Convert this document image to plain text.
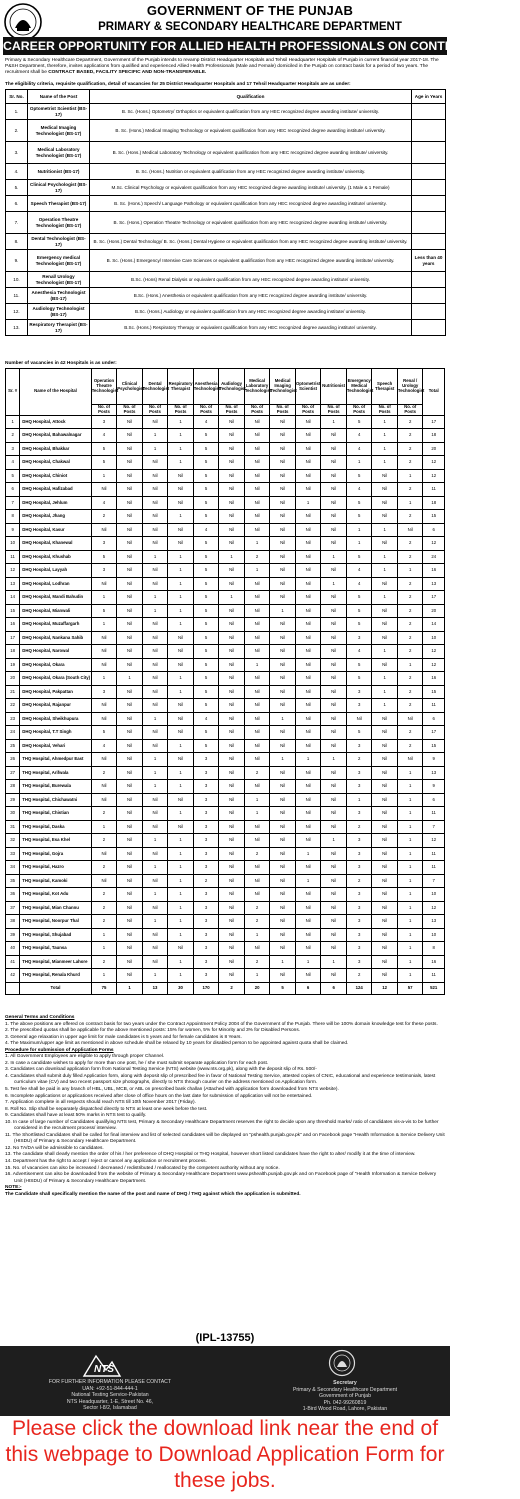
GOVERNMENT OF THE PUNJAB
PRIMARY & SECONDARY HEALTHCARE DEPARTMENT
CAREER OPPORTUNITY FOR ALLIED HEALTH PROFESSIONALS ON CONTRACT BASIS
Primary & Secondary Healthcare Department, Government of the Punjab intends to revamp District Headquarter Hospitals and Tehsil Headquarter Hospitals of Punjab in current financial year 2017-18. The P&SH Department, therefore, invites applications from qualified and experienced Allied Health Professionals (Male and Female) domiciled in the Punjab on contract basis for a period of two years. The recruitment shall be CONTRACT BASED, FACILITY SPECIFIC AND NON-TRANSFERABLE.
The eligibility criteria, requisite qualification, detail of vacancies for 25 District Headquarter Hospitals and 17 Tehsil Headquarter Hospitals are as under:
Sr. No.	Name of the Post	Qualification	Age in Years
1.	Optometrist Scientist (BS-17)	B. Sc. (Hons.) Optometry/ Orthoptics or equivalent qualification from any HEC recognized degree awarding institute/ university.	
2.	Medical Imaging Technologist (BS-17)	B. Sc. (Hons.) Medical Imaging Technology or equivalent qualification from any HEC recognized degree awarding institute/ university.	
3.	Medical Laboratory Technologist (BS-17)	B. Sc. (Hons.) Medical Laboratory Technology or equivalent qualification from any HEC recognized degree awarding institute/ university.	
4.	Nutritionist (BS-17)	B. Sc. (Hons.) Nutrition or equivalent qualification from any HEC recognized degree awarding institute/ university.	
5.	Clinical Psychologist (BS-17)	M.Sc. Clinical Psychology or equivalent qualification from any HEC recognized degree awarding institute/ university. (1 Male & 1 Female)	
6.	Speech Therapist (BS-17)	B. Sc. (Hons.) Speech/ Language Pathology or equivalent qualification from any HEC recognized degree awarding institute/ university.	
7.	Operation Theatre Technologist (BS-17)	B. Sc. (Hons.) Operation Theatre Technology or equivalent qualification from any HEC recognized degree awarding institute/ university.	
8.	Dental Technologist (BS-17)	B. Sc. (Hons.) Dental Technology/ B. Sc. (Hons.) Dental Hygiene or equivalent qualification from any HEC recognized degree awarding institute/ university.	
9.	Emergency medical Technologist (BS-17)	B. Sc. (Hons.) Emergency/ Intensive Care Sciences or equivalent qualification from any HEC recognized degree awarding institute/ university.	Less than 40 years
10.	Renal/ Urology Technologist (BS-17)	B.Sc. (Hons) Renal Dialysis or equivalent qualification from any HEC recognized degree awarding institute/ university.	
11.	Anesthesia Technologist (BS-17)	B.Sc. (Hons.) Anesthesia or equivalent qualification from any HEC recognized degree awarding institute/ university.	
12.	Audiology Technologist (BS-17)	B.Sc. (Hons.) Audiology or equivalent qualification from any HEC recognized degree awarding institute/ university.	
13.	Respiratory Therapist (BS-17)	B.Sc. (Hons.) Respiratory Therapy or equivalent qualification from any HEC recognized degree awarding institute/ university.	
Number of vacancies in 42 Hospitals is as under:
Sr. #	Name of the Hospital	Operation Theatre Technologist	Clinical Psychologist	Dental Technologist	Respiratory Therapist	Anesthesia Technologist	Audiology Technologist	Medical Laboratory Technologist	Medical Imaging Technologist	Optometrist Scientist	Nutritionist	Emergency Medical Technologist	Speech Therapist	Renal / Urology Technologist	Total
		No. of Posts	No. of Posts	No. of Posts	No. of Posts	No. of Posts	No. of Posts	No. of Posts	No. of Posts	No. of Posts	No. of Posts	No. of Posts	No. of Posts	No. of Posts	
1	DHQ Hospital, Attock	3	Nil	Nil	1	4	Nil	Nil	Nil	Nil	1	5	1	2	17
2	DHQ Hospital, Bahawalnagar	4	Nil	1	1	5	Nil	Nil	Nil	Nil	Nil	4	1	2	18
3	DHQ Hospital, Bhakkar	5	Nil	1	1	5	Nil	Nil	Nil	Nil	Nil	4	1	2	20
4	DHQ Hospital, Chakwal	5	Nil	Nil	1	5	Nil	Nil	Nil	Nil	Nil	1	1	2	12
5	DHQ Hospital, Chiniot	1	Nil	Nil	Nil	5	Nil	Nil	Nil	Nil	Nil	5	Nil	1	12
6	DHQ Hospital, Hafizabad	Nil	Nil	Nil	Nil	5	Nil	Nil	Nil	Nil	Nil	4	Nil	2	11
7	DHQ Hospital, Jehlum	4	Nil	Nil	Nil	5	Nil	Nil	Nil	1	Nil	5	Nil	1	18
8	DHQ Hospital, Jhang	2	Nil	Nil	1	5	Nil	Nil	Nil	Nil	Nil	5	Nil	2	15
9	DHQ Hospital, Kasur	Nil	Nil	Nil	Nil	4	Nil	Nil	Nil	Nil	Nil	1	1	Nil	6
10	DHQ Hospital, Khanewal	3	Nil	Nil	Nil	5	Nil	1	Nil	Nil	Nil	1	Nil	2	12
11	DHQ Hospital, Khushab	5	Nil	1	1	5	1	2	Nil	Nil	1	5	1	2	24
12	DHQ Hospital, Layyah	3	Nil	Nil	1	5	Nil	1	Nil	Nil	Nil	4	1	1	16
13	DHQ Hospital, Lodhran	Nil	Nil	Nil	1	5	Nil	Nil	Nil	Nil	1	4	Nil	2	13
14	DHQ Hospital, Mandi Bahudin	1	Nil	1	1	5	1	Nil	Nil	Nil	Nil	5	1	2	17
15	DHQ Hospital, Mianwali	5	Nil	1	1	5	Nil	Nil	1	Nil	Nil	5	Nil	2	20
16	DHQ Hospital, Muzaffargarh	1	Nil	Nil	1	5	Nil	Nil	Nil	Nil	Nil	5	Nil	2	14
17	DHQ Hospital, Nankana Sahib	Nil	Nil	Nil	Nil	5	Nil	Nil	Nil	Nil	Nil	3	Nil	2	10
18	DHQ Hospital, Narowal	Nil	Nil	Nil	Nil	5	Nil	Nil	Nil	Nil	Nil	4	1	2	12
19	DHQ Hospital, Okara	Nil	Nil	Nil	Nil	5	Nil	1	Nil	Nil	Nil	5	Nil	1	12
20	DHQ Hospital, Okara (South City)	1	1	Nil	1	5	Nil	Nil	Nil	Nil	Nil	5	1	2	16
21	DHQ Hospital, Pakpattan	3	Nil	Nil	1	5	Nil	Nil	Nil	Nil	Nil	3	1	2	15
22	DHQ Hospital, Rajanpur	Nil	Nil	Nil	Nil	5	Nil	Nil	Nil	Nil	Nil	3	1	2	11
23	DHQ Hospital, Sheikhupura	Nil	Nil	1	Nil	4	Nil	Nil	1	Nil	Nil	Nil	Nil	Nil	6
24	DHQ Hospital, T.T Singh	5	Nil	Nil	Nil	5	Nil	Nil	Nil	Nil	Nil	5	Nil	2	17
25	DHQ Hospital, Vehari	4	Nil	Nil	1	5	Nil	Nil	Nil	Nil	Nil	3	Nil	2	15
26	THQ Hospital, Ahmedpur East	Nil	Nil	1	Nil	3	Nil	Nil	1	1	1	2	Nil	Nil	9
27	THQ Hospital, Arifwala	2	Nil	1	1	3	Nil	2	Nil	Nil	Nil	3	Nil	1	13
28	THQ Hospital, Burewala	Nil	Nil	1	1	3	Nil	Nil	Nil	Nil	Nil	3	Nil	1	9
29	THQ Hospital, Chichawatni	Nil	Nil	Nil	Nil	3	Nil	1	Nil	Nil	Nil	1	Nil	1	6
30	THQ Hospital, Chistian	2	Nil	Nil	1	3	Nil	1	Nil	Nil	Nil	3	Nil	1	11
31	THQ Hospital, Daska	1	Nil	Nil	Nil	3	Nil	Nil	Nil	Nil	Nil	2	Nil	1	7
32	THQ Hospital, Esa Khel	2	Nil	1	1	3	Nil	Nil	Nil	Nil	1	3	Nil	1	12
33	THQ Hospital, Gojra	Nil	Nil	Nil	1	3	Nil	2	Nil	1	Nil	3	Nil	1	11
34	THQ Hospital, Hazro	2	Nil	1	1	3	Nil	Nil	Nil	Nil	Nil	3	Nil	1	11
35	THQ Hospital, Kamoki	Nil	Nil	Nil	1	2	Nil	Nil	Nil	1	Nil	2	Nil	1	7
36	THQ Hospital, Kot Adu	2	Nil	1	1	3	Nil	Nil	Nil	Nil	Nil	3	Nil	1	10
37	THQ Hospital, Mian Channu	2	Nil	Nil	1	3	Nil	2	Nil	Nil	Nil	3	Nil	1	12
38	THQ Hospital, Noorpur Thal	2	Nil	1	1	3	Nil	2	Nil	Nil	Nil	3	Nil	1	13
39	THQ Hospital, Shujabad	1	Nil	Nil	1	3	Nil	1	Nil	Nil	Nil	3	Nil	1	10
40	THQ Hospital, Taunsa	1	Nil	Nil	Nil	3	Nil	Nil	Nil	Nil	Nil	3	Nil	1	8
41	THQ Hospital, Mianmeer Lahore	2	Nil	Nil	1	3	Nil	2	1	1	1	3	Nil	1	16
42	THQ Hospital, Renala Khurd	1	Nil	1	1	3	Nil	1	Nil	Nil	Nil	2	Nil	1	11
	Total	75	1	13	30	170	2	20	5	6	6	124	12	57	521
General Terms and Conditions
1. The above positions are offered on contract basis for two years under the Contract Appointment Policy 2004 of the Government of the Punjab. There will be 100% domain knowledge test for these posts.
2. The prescribed quotas shall be applicable for the above mentioned posts: 15% for women, 5% for Minority and 3% for Disabled Persons.
3. General age relaxation in upper age limit for male candidates is 5 years and for female candidates is 8 Years.
4. The Maximum/upper age limit as mentioned in above schedule shall be relaxed by 10 years for disabled person to be appointed against quota shall be claimed.
Procedure for submission of Application Forms
1. All Government Employees are eligible to apply through proper Channel.
2. In case a candidate wishes to apply for more than one post, he / she must submit separate application form for each post.
3. Candidates can download application form from National Testing Service (NTS) website (www.nts.org.pk), along with the deposit slip of Rs. 500/-
4. Candidates shall submit duly filled Application form, along with deposit slip of prescribed fee in favor of National Testing Service, attested copies of CNIC, educational and experience testimonials, latest curriculum vitae (CV) and two recent passport size photographs, directly to NTS through courier on the address mentioned on Application form.
5. Test fee shall be paid in any branch of HBL, UBL, MCB, or ABL on prescribed bank challan (Attached with application form downloaded from NTS website).
6. Incomplete applications or applications received after close of office hours on the last date for submission of application will not be entertained.
7. Application complete in all respects should reach NTS till 10th November 2017 (Friday).
8. Roll No. Slip shall be separately dispatched directly to NTS at least one week before the test.
9. Candidates shall have at least 50% marks in NTS test to qualify.
10. In case of large number of Candidates qualifying NTS test, Primary & Secondary Healthcare Department reserves the right to decide upon any threshold marks/ ratio of candidates vis-a-vis to be further considered in the recruitment process/ interview.
11. The Shortlisted Candidates shall be called for final interview and list of selected candidates will be displayed on "pshealth.punjab.gov.pk" and on Facebook page "Health Information & Service Delivery Unit (HISDU) of Primary & Secondary Healthcare Department.
12. No TA/DA will be admissible to candidates.
13. The candidate shall clearly mention the order of his / her preference of DHQ Hospital or THQ Hospital, however short listed candidates have the right to alter/ modify it at the time of interview.
14. Department has the right to accept / reject or cancel any application or recruitment process.
15. No. of vacancies can also be increased / decreased / redistributed / reallocated by the competent authority without any notice.
16. Advertisement can also be downloaded from the website of Primary & Secondary Healthcare Department www.pshealth.punjab.gov.pk and on Facebook page of "Health Information & Service Delivery Unit (HISDU) of Primary & Secondary Healthcare Department.
NOTE:-
The Candidate shall specifically mention the name of the post and name of DHQ / THQ against which the application is submitted.
(IPL-13755)
NTS
FOR FURTHER INFORMATION PLEASE CONTACT
UAN: +92-51-844-444-1
National Testing Service-Pakistan
NTS Headquarter, 1-E, Street No. 46,
Sector I-8/2, Islamabad
Secretary
Primary & Secondary Healthcare Department
Government of Punjab
Ph. 042-99260819
1-Bird Wood Road, Lahore, Pakistan
Please click the download link near the end of this webpage to Download Application Form for these jobs.
